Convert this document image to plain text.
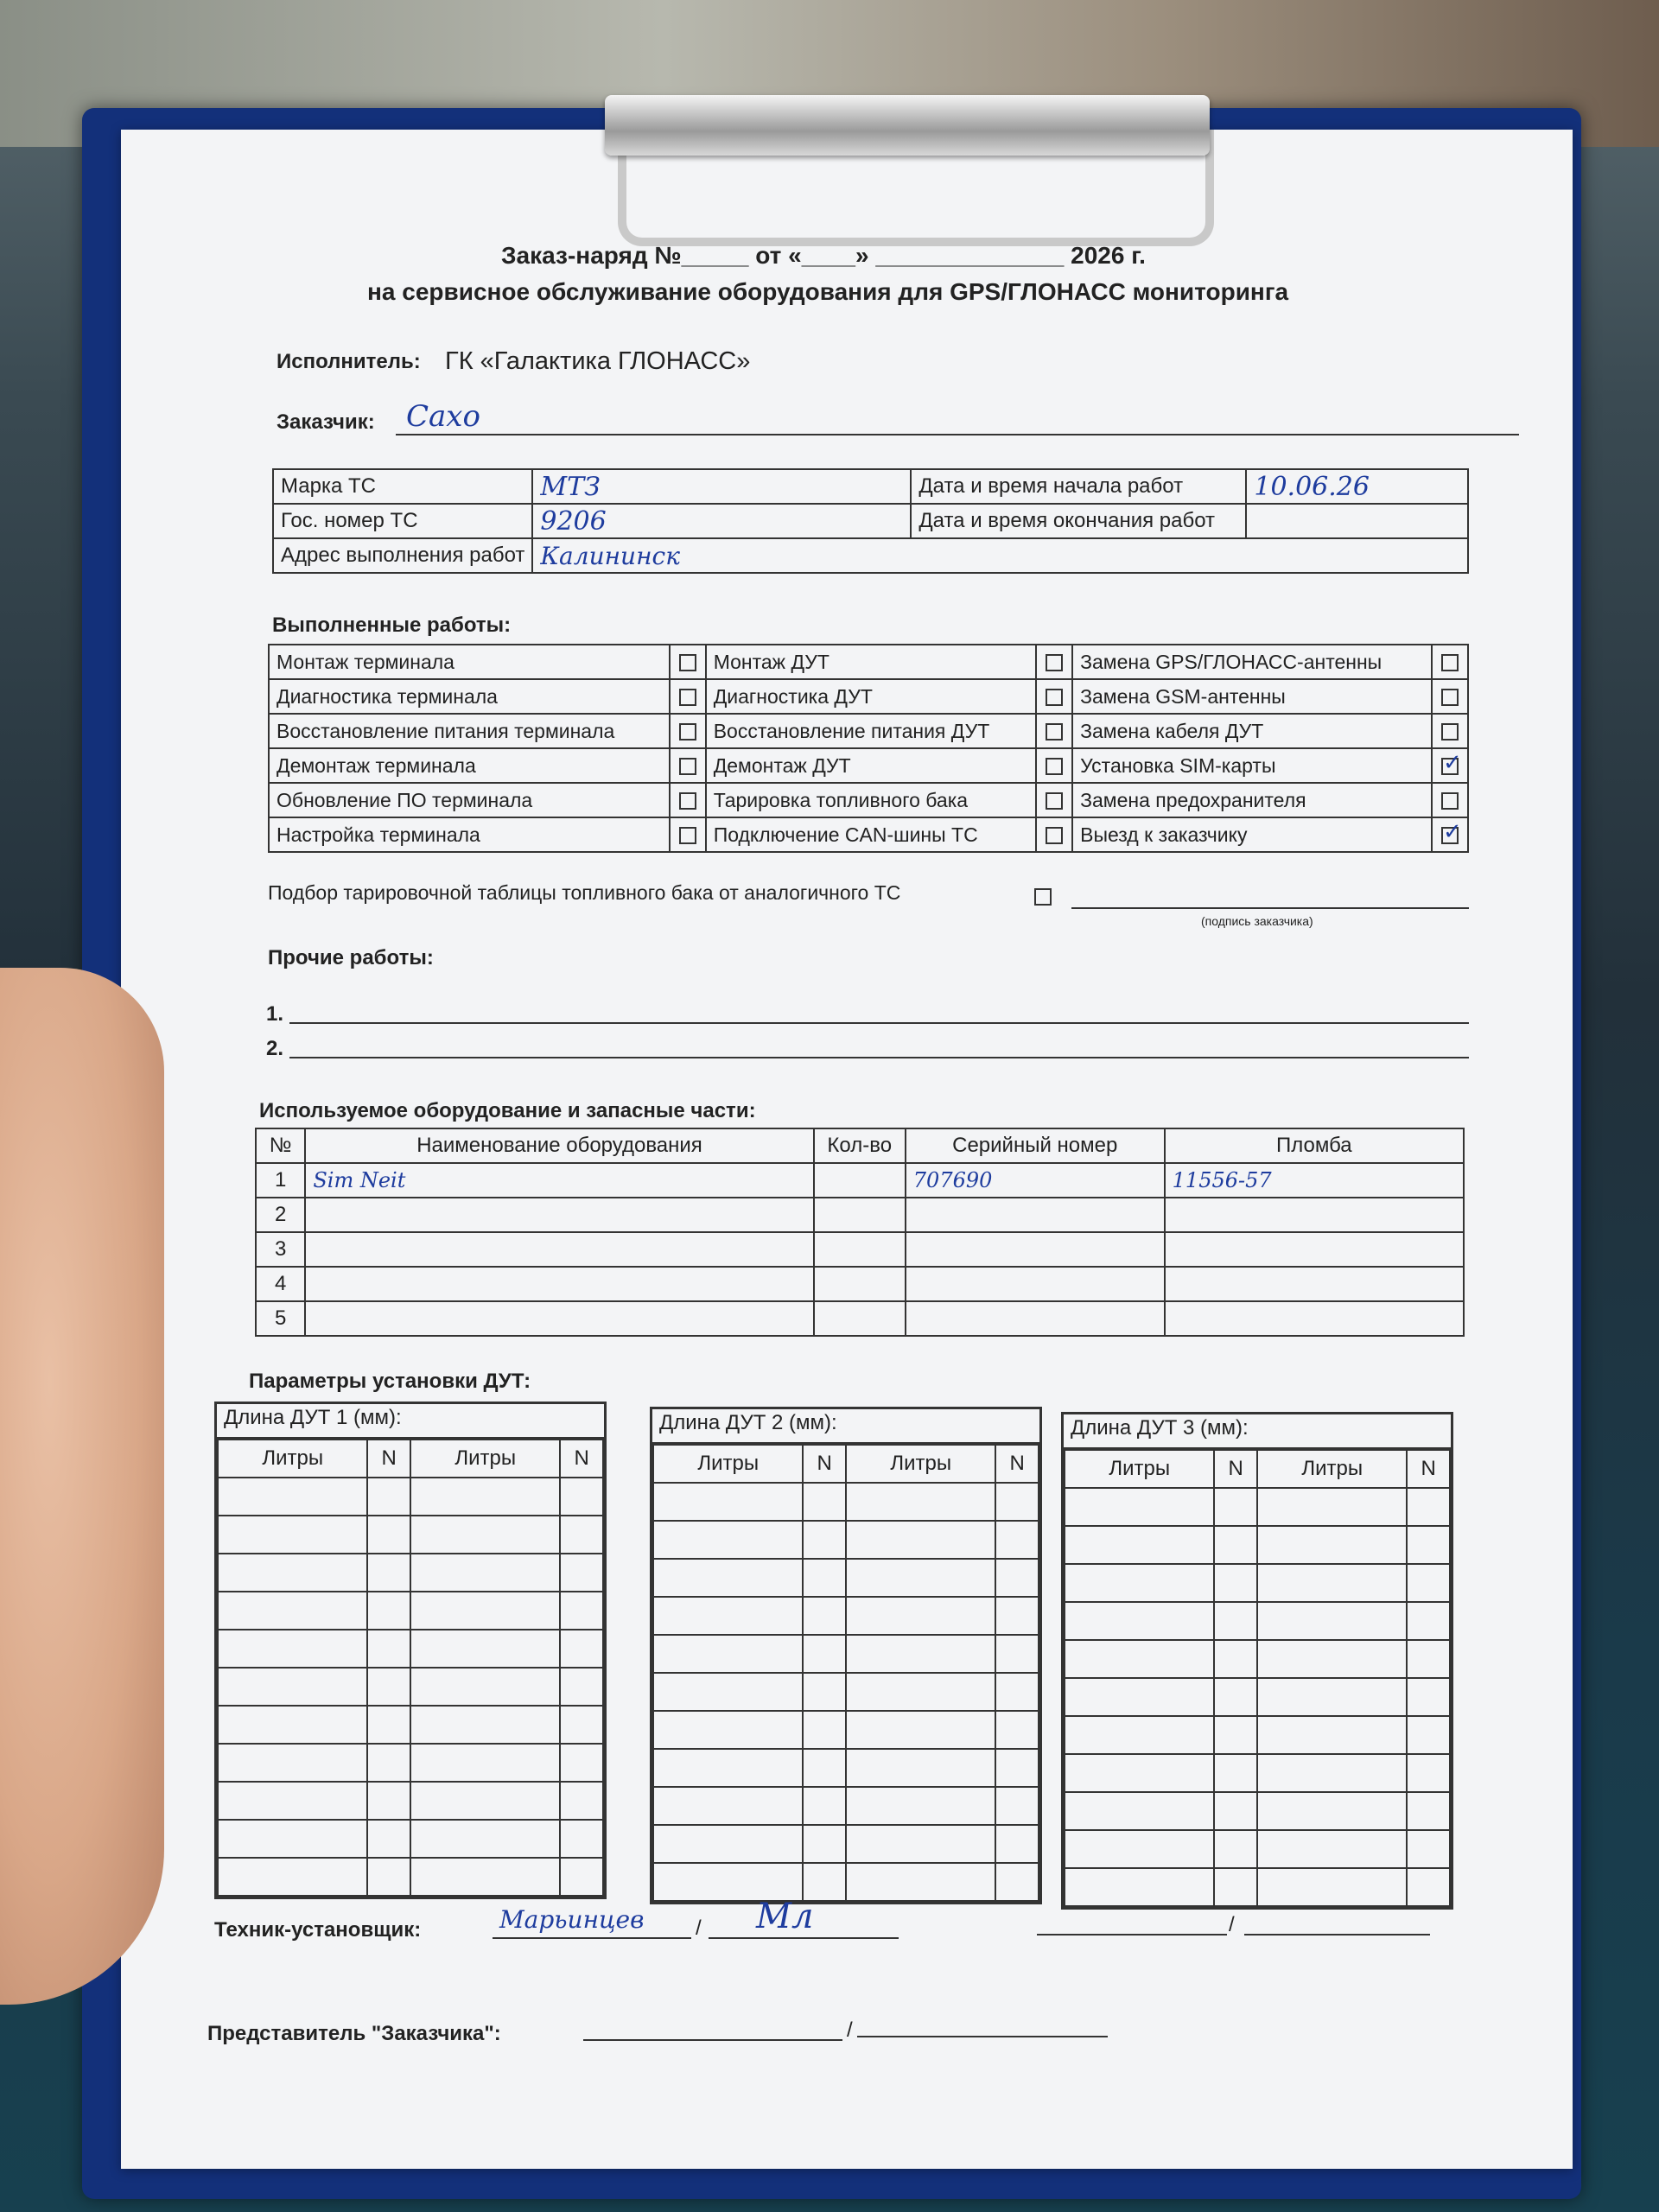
Заказ-наряд №_____ от «____» ______________ 2026 г.
на сервисное обслуживание оборудования для GPS/ГЛОНАСС мониторинга
Исполнитель: ГК «Галактика ГЛОНАСС»
Заказчик: Сахо
Марка ТС	МТЗ	Дата и время начала работ	10.06.26
Гос. номер ТС	9206	Дата и время окончания работ	
Адрес выполнения работ	Калининск		
Выполненные работы:
Монтаж терминала		Монтаж ДУТ		Замена GPS/ГЛОНАСС-антенны	
Диагностика терминала		Диагностика ДУТ		Замена GSM-антенны	
Восстановление питания терминала		Восстановление питания ДУТ		Замена кабеля ДУТ	
Демонтаж терминала		Демонтаж ДУТ		Установка SIM-карты	✓
Обновление ПО терминала		Тарировка топливного бака		Замена предохранителя	
Настройка терминала		Подключение CAN-шины ТС		Выезд к заказчику	✓
Подбор тарировочной таблицы топливного бака от аналогичного ТС
(подпись заказчика)
Прочие работы:
1.
2.
Используемое оборудование и запасные части:
№	Наименование оборудования	Кол-во	Серийный номер	Пломба
1	Sim Neit		707690	11556-57
2				
3				
4				
5				
Параметры установки ДУТ:
Длина ДУТ 1 (мм):
Литры	N	Литры	N

Длина ДУТ 2 (мм):
Литры	N	Литры	N

Длина ДУТ 3 (мм):
Литры	N	Литры	N

Техник-установщик:	Марьинцев / Мл	/
Представитель "Заказчика":	/
